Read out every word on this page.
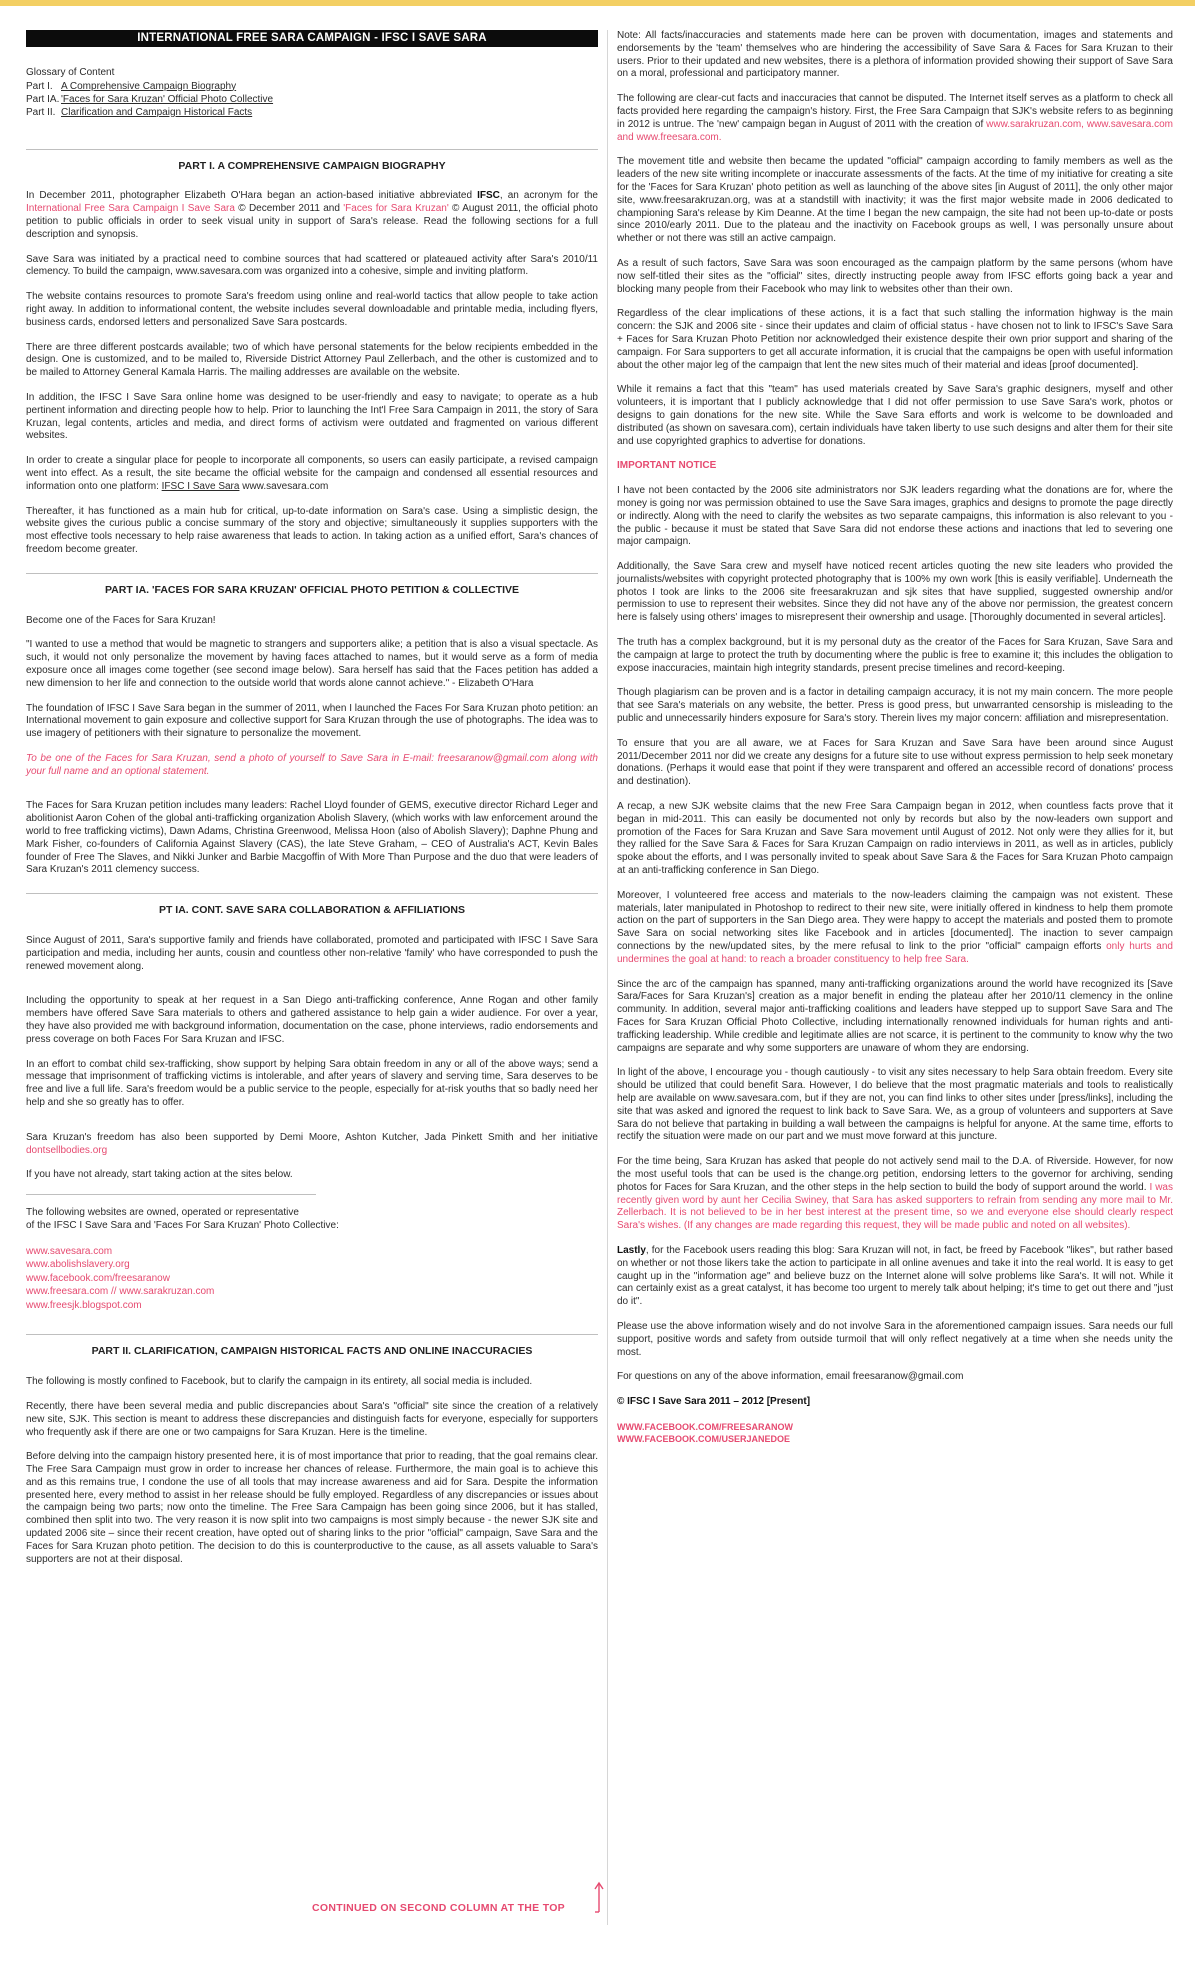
INTERNATIONAL FREE SARA CAMPAIGN - IFSC I SAVE SARA
Glossary of Content
Part I. A Comprehensive Campaign Biography
Part IA. 'Faces for Sara Kruzan' Official Photo Collective
Part II. Clarification and Campaign Historical Facts
PART I. A COMPREHENSIVE CAMPAIGN BIOGRAPHY

In December 2011, photographer Elizabeth O'Hara began an action-based initiative abbreviated IFSC, an acronym for the International Free Sara Campaign I Save Sara © December 2011 and 'Faces for Sara Kruzan' © August 2011, the official photo petition to public officials in order to seek visual unity in support of Sara's release. Read the following sections for a full description and synopsis.

Save Sara was initiated by a practical need to combine sources that had scattered or plateaued activity after Sara's 2010/11 clemency. To build the campaign, www.savesara.com was organized into a cohesive, simple and inviting platform.

The website contains resources to promote Sara's freedom using online and real-world tactics that allow people to take action right away. In addition to informational content, the website includes several downloadable and printable media, including flyers, business cards, endorsed letters and personalized Save Sara postcards.

There are three different postcards available; two of which have personal statements for the below recipients embedded in the design. One is customized, and to be mailed to, Riverside District Attorney Paul Zellerbach, and the other is customized and to be mailed to Attorney General Kamala Harris. The mailing addresses are available on the website.

In addition, the IFSC I Save Sara online home was designed to be user-friendly and easy to navigate; to operate as a hub pertinent information and directing people how to help. Prior to launching the Int'l Free Sara Campaign in 2011, the story of Sara Kruzan, legal contents, articles and media, and direct forms of activism were outdated and fragmented on various different websites.

In order to create a singular place for people to incorporate all components, so users can easily participate, a revised campaign went into effect. As a result, the site became the official website for the campaign and condensed all essential resources and information onto one platform: IFSC I Save Sara www.savesara.com

Thereafter, it has functioned as a main hub for critical, up-to-date information on Sara's case. Using a simplistic design, the website gives the curious public a concise summary of the story and objective; simultaneously it supplies supporters with the most effective tools necessary to help raise awareness that leads to action. In taking action as a unified effort, Sara's chances of freedom become greater.

PART IA. 'FACES FOR SARA KRUZAN' OFFICIAL PHOTO PETITION & COLLECTIVE

Become one of the Faces for Sara Kruzan!

"I wanted to use a method that would be magnetic to strangers and supporters alike; a petition that is also a visual spectacle. As such, it would not only personalize the movement by having faces attached to names, but it would serve as a form of media exposure once all images come together (see second image below). Sara herself has said that the Faces petition has added a new dimension to her life and connection to the outside world that words alone cannot achieve." - Elizabeth O'Hara

The foundation of IFSC I Save Sara began in the summer of 2011, when I launched the Faces For Sara Kruzan photo petition: an International movement to gain exposure and collective support for Sara Kruzan through the use of photographs. The idea was to use imagery of petitioners with their signature to personalize the movement.

To be one of the Faces for Sara Kruzan, send a photo of yourself to Save Sara in E-mail: freesaranow@gmail.com along with your full name and an optional statement.

The Faces for Sara Kruzan petition includes many leaders: Rachel Lloyd founder of GEMS, executive director Richard Leger and abolitionist Aaron Cohen of the global anti-trafficking organization Abolish Slavery, (which works with law enforcement around the world to free trafficking victims), Dawn Adams, Christina Greenwood, Melissa Hoon (also of Abolish Slavery); Daphne Phung and Mark Fisher, co-founders of California Against Slavery (CAS), the late Steve Graham, – CEO of Australia's ACT, Kevin Bales founder of Free The Slaves, and Nikki Junker and Barbie Macgoffin of With More Than Purpose and the duo that were leaders of Sara Kruzan's 2011 clemency success.

PT IA. CONT. SAVE SARA COLLABORATION & AFFILIATIONS

Since August of 2011, Sara's supportive family and friends have collaborated, promoted and participated with IFSC I Save Sara participation and media, including her aunts, cousin and countless other non-relative 'family' who have corresponded to push the renewed movement along.

Including the opportunity to speak at her request in a San Diego anti-trafficking conference, Anne Rogan and other family members have offered Save Sara materials to others and gathered assistance to help gain a wider audience. For over a year, they have also provided me with background information, documentation on the case, phone interviews, radio endorsements and press coverage on both Faces For Sara Kruzan and IFSC.

In an effort to combat child sex-trafficking, show support by helping Sara obtain freedom in any or all of the above ways; send a message that imprisonment of trafficking victims is intolerable, and after years of slavery and serving time, Sara deserves to be free and live a full life. Sara's freedom would be a public service to the people, especially for at-risk youths that so badly need her help and she so greatly has to offer.

Sara Kruzan's freedom has also been supported by Demi Moore, Ashton Kutcher, Jada Pinkett Smith and her initiative dontsellbodies.org

If you have not already, start taking action at the sites below.

The following websites are owned, operated or representative
of the IFSC I Save Sara and 'Faces For Sara Kruzan' Photo Collective:
www.savesara.com
www.abolishslavery.org
www.facebook.com/freesaranow
www.freesara.com // www.sarakruzan.com
www.freesjk.blogspot.com
PART II. CLARIFICATION, CAMPAIGN HISTORICAL FACTS AND ONLINE INACCURACIES

The following is mostly confined to Facebook, but to clarify the campaign in its entirety, all social media is included.

Recently, there have been several media and public discrepancies about Sara's "official" site since the creation of a relatively new site, SJK. This section is meant to address these discrepancies and distinguish facts for everyone, especially for supporters who frequently ask if there are one or two campaigns for Sara Kruzan. Here is the timeline.

Before delving into the campaign history presented here, it is of most importance that prior to reading, that the goal remains clear. The Free Sara Campaign must grow in order to increase her chances of release. Furthermore, the main goal is to achieve this and as this remains true, I condone the use of all tools that may increase awareness and aid for Sara. Despite the information presented here, every method to assist in her release should be fully employed. Regardless of any discrepancies or issues about the campaign being two parts; now onto the timeline. The Free Sara Campaign has been going since 2006, but it has stalled, combined then split into two. The very reason it is now split into two campaigns is most simply because - the newer SJK site and updated 2006 site – since their recent creation, have opted out of sharing links to the prior "official" campaign, Save Sara and the Faces for Sara Kruzan photo petition. The decision to do this is counterproductive to the cause, as all assets valuable to Sara's supporters are not at their disposal.

CONTINUED ON SECOND COLUMN AT THE TOP

Note: All facts/inaccuracies and statements made here can be proven with documentation, images and statements and endorsements by the 'team' themselves who are hindering the accessibility of Save Sara & Faces for Sara Kruzan to their users. Prior to their updated and new websites, there is a plethora of information provided showing their support of Save Sara on a moral, professional and participatory manner.

The following are clear-cut facts and inaccuracies that cannot be disputed. The Internet itself serves as a platform to check all facts provided here regarding the campaign's history. First, the Free Sara Campaign that SJK's website refers to as beginning in 2012 is untrue. The 'new' campaign began in August of 2011 with the creation of www.sarakruzan.com, www.savesara.com and www.freesara.com.

The movement title and website then became the updated "official" campaign according to family members as well as the leaders of the new site writing incomplete or inaccurate assessments of the facts. At the time of my initiative for creating a site for the 'Faces for Sara Kruzan' photo petition as well as launching of the above sites [in August of 2011], the only other major site, www.freesarakruzan.org, was at a standstill with inactivity; it was the first major website made in 2006 dedicated to championing Sara's release by Kim Deanne. At the time I began the new campaign, the site had not been up-to-date or posts since 2010/early 2011. Due to the plateau and the inactivity on Facebook groups as well, I was personally unsure about whether or not there was still an active campaign.

As a result of such factors, Save Sara was soon encouraged as the campaign platform by the same persons (whom have now self-titled their sites as the "official" sites, directly instructing people away from IFSC efforts going back a year and blocking many people from their Facebook who may link to websites other than their own.

Regardless of the clear implications of these actions, it is a fact that such stalling the information highway is the main concern: the SJK and 2006 site - since their updates and claim of official status - have chosen not to link to IFSC's Save Sara + Faces for Sara Kruzan Photo Petition nor acknowledged their existence despite their own prior support and sharing of the campaign. For Sara supporters to get all accurate information, it is crucial that the campaigns be open with useful information about the other major leg of the campaign that lent the new sites much of their material and ideas [proof documented].

While it remains a fact that this "team" has used materials created by Save Sara's graphic designers, myself and other volunteers, it is important that I publicly acknowledge that I did not offer permission to use Save Sara's work, photos or designs to gain donations for the new site. While the Save Sara efforts and work is welcome to be downloaded and distributed (as shown on savesara.com), certain individuals have taken liberty to use such designs and alter them for their site and use copyrighted graphics to advertise for donations.

IMPORTANT NOTICE

I have not been contacted by the 2006 site administrators nor SJK leaders regarding what the donations are for, where the money is going nor was permission obtained to use the Save Sara images, graphics and designs to promote the page directly or indirectly. Along with the need to clarify the websites as two separate campaigns, this information is also relevant to you - the public - because it must be stated that Save Sara did not endorse these actions and inactions that led to severing one major campaign.

Additionally, the Save Sara crew and myself have noticed recent articles quoting the new site leaders who provided the journalists/websites with copyright protected photography that is 100% my own work [this is easily verifiable]. Underneath the photos I took are links to the 2006 site freesarakruzan and sjk sites that have supplied, suggested ownership and/or permission to use to represent their websites. Since they did not have any of the above nor permission, the greatest concern here is falsely using others' images to misrepresent their ownership and usage. [Thoroughly documented in several articles].

The truth has a complex background, but it is my personal duty as the creator of the Faces for Sara Kruzan, Save Sara and the campaign at large to protect the truth by documenting where the public is free to examine it; this includes the obligation to expose inaccuracies, maintain high integrity standards, present precise timelines and record-keeping.

Though plagiarism can be proven and is a factor in detailing campaign accuracy, it is not my main concern. The more people that see Sara's materials on any website, the better. Press is good press, but unwarranted censorship is misleading to the public and unnecessarily hinders exposure for Sara's story. Therein lives my major concern: affiliation and misrepresentation.

To ensure that you are all aware, we at Faces for Sara Kruzan and Save Sara have been around since August 2011/December 2011 nor did we create any designs for a future site to use without express permission to help seek monetary donations. (Perhaps it would ease that point if they were transparent and offered an accessible record of donations' process and destination).

A recap, a new SJK website claims that the new Free Sara Campaign began in 2012, when countless facts prove that it began in mid-2011. This can easily be documented not only by records but also by the now-leaders own support and promotion of the Faces for Sara Kruzan and Save Sara movement until August of 2012. Not only were they allies for it, but they rallied for the Save Sara & Faces for Sara Kruzan Campaign on radio interviews in 2011, as well as in articles, publicly spoke about the efforts, and I was personally invited to speak about Save Sara & the Faces for Sara Kruzan Photo campaign at an anti-trafficking conference in San Diego.

Moreover, I volunteered free access and materials to the now-leaders claiming the campaign was not existent. These materials, later manipulated in Photoshop to redirect to their new site, were initially offered in kindness to help them promote action on the part of supporters in the San Diego area. They were happy to accept the materials and posted them to promote Save Sara on social networking sites like Facebook and in articles [documented]. The inaction to sever campaign connections by the new/updated sites, by the mere refusal to link to the prior "official" campaign efforts only hurts and undermines the goal at hand: to reach a broader constituency to help free Sara.

Since the arc of the campaign has spanned, many anti-trafficking organizations around the world have recognized its [Save Sara/Faces for Sara Kruzan's] creation as a major benefit in ending the plateau after her 2010/11 clemency in the online community. In addition, several major anti-trafficking coalitions and leaders have stepped up to support Save Sara and The Faces for Sara Kruzan Official Photo Collective, including internationally renowned individuals for human rights and anti-trafficking leadership. While credible and legitimate allies are not scarce, it is pertinent to the community to know why the two campaigns are separate and why some supporters are unaware of whom they are endorsing.

In light of the above, I encourage you - though cautiously - to visit any sites necessary to help Sara obtain freedom. Every site should be utilized that could benefit Sara. However, I do believe that the most pragmatic materials and tools to realistically help are available on www.savesara.com, but if they are not, you can find links to other sites under [press/links], including the site that was asked and ignored the request to link back to Save Sara. We, as a group of volunteers and supporters at Save Sara do not believe that partaking in building a wall between the campaigns is helpful for anyone. At the same time, efforts to rectify the situation were made on our part and we must move forward at this juncture.

For the time being, Sara Kruzan has asked that people do not actively send mail to the D.A. of Riverside. However, for now the most useful tools that can be used is the change.org petition, endorsing letters to the governor for archiving, sending photos for Faces for Sara Kruzan, and the other steps in the help section to build the body of support around the world. I was recently given word by aunt her Cecilia Swiney, that Sara has asked supporters to refrain from sending any more mail to Mr. Zellerbach. It is not believed to be in her best interest at the present time, so we and everyone else should clearly respect Sara's wishes. (If any changes are made regarding this request, they will be made public and noted on all websites).

Lastly, for the Facebook users reading this blog: Sara Kruzan will not, in fact, be freed by Facebook "likes", but rather based on whether or not those likers take the action to participate in all online avenues and take it into the real world. It is easy to get caught up in the "information age" and believe buzz on the Internet alone will solve problems like Sara's. It will not. While it can certainly exist as a great catalyst, it has become too urgent to merely talk about helping; it's time to get out there and "just do it".

Please use the above information wisely and do not involve Sara in the aforementioned campaign issues. Sara needs our full support, positive words and safety from outside turmoil that will only reflect negatively at a time when she needs unity the most.

For questions on any of the above information, email freesaranow@gmail.com

© IFSC I Save Sara 2011 – 2012 [Present]

WWW.FACEBOOK.COM/FREESARANOW
WWW.FACEBOOK.COM/USERJANEDOE
